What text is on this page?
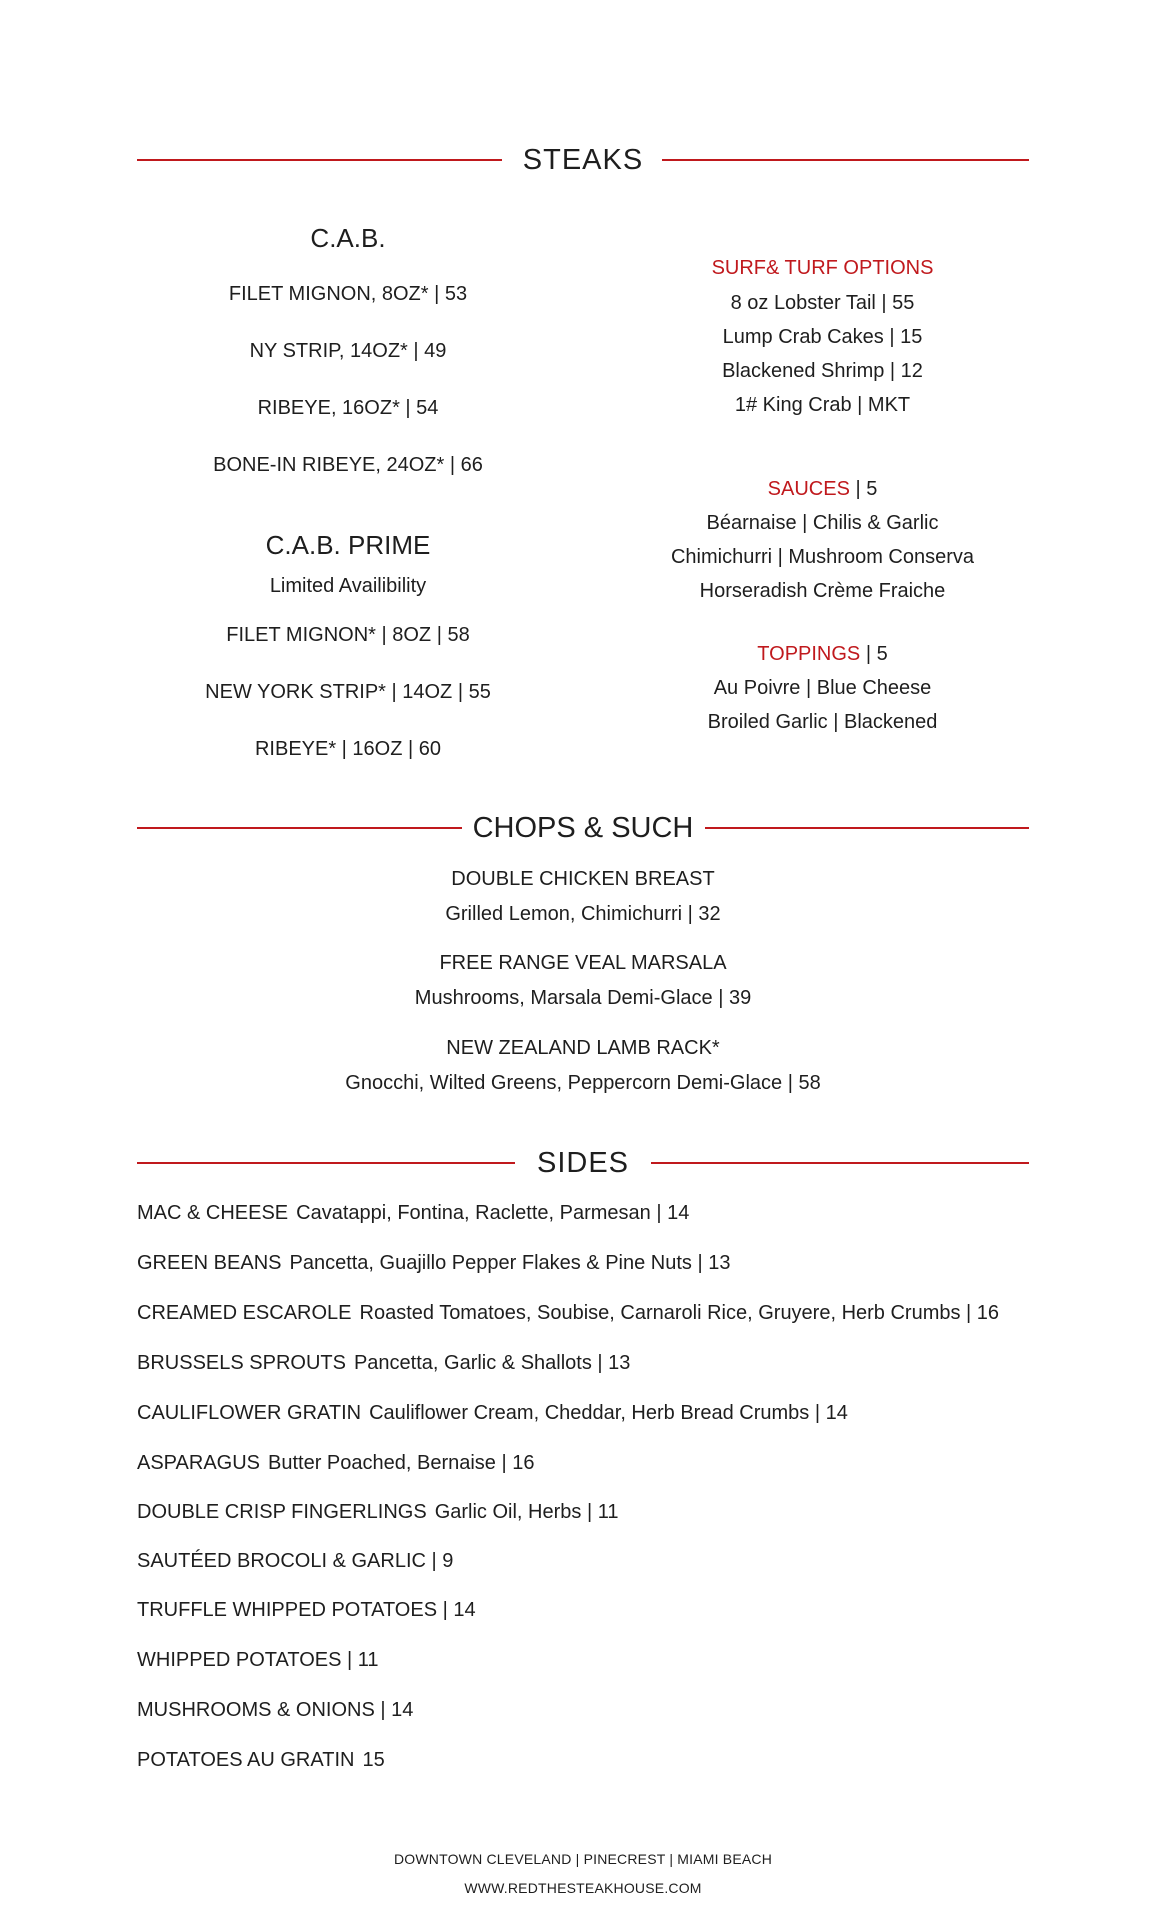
STEAKS
C.A.B.
FILET MIGNON, 8OZ* | 53
NY STRIP, 14OZ* | 49
RIBEYE, 16OZ* | 54
BONE-IN RIBEYE, 24OZ* | 66
C.A.B. PRIME
Limited Availibility
FILET MIGNON* | 8OZ | 58
NEW YORK STRIP* | 14OZ | 55
RIBEYE* | 16OZ | 60
SURF& TURF OPTIONS
8 oz Lobster Tail | 55
Lump Crab Cakes | 15
Blackened Shrimp | 12
1# King Crab | MKT
SAUCES | 5
Béarnaise | Chilis & Garlic
Chimichurri | Mushroom Conserva
Horseradish Crème Fraiche
TOPPINGS | 5
Au Poivre | Blue Cheese
Broiled Garlic | Blackened
CHOPS & SUCH
DOUBLE CHICKEN BREAST
Grilled Lemon, Chimichurri | 32
FREE RANGE VEAL MARSALA
Mushrooms, Marsala Demi-Glace | 39
NEW ZEALAND LAMB RACK*
Gnocchi, Wilted Greens, Peppercorn Demi-Glace | 58
SIDES
MAC & CHEESE Cavatappi, Fontina, Raclette, Parmesan | 14
GREEN BEANS Pancetta, Guajillo Pepper Flakes & Pine Nuts | 13
CREAMED ESCAROLE Roasted Tomatoes, Soubise, Carnaroli Rice, Gruyere, Herb Crumbs | 16
BRUSSELS SPROUTS Pancetta, Garlic & Shallots | 13
CAULIFLOWER GRATIN Cauliflower Cream, Cheddar, Herb Bread Crumbs | 14
ASPARAGUS Butter Poached, Bernaise | 16
DOUBLE CRISP FINGERLINGS Garlic Oil, Herbs | 11
SAUTÉED BROCOLI & GARLIC | 9
TRUFFLE WHIPPED POTATOES | 14
WHIPPED POTATOES | 11
MUSHROOMS & ONIONS | 14
POTATOES AU GRATIN 15
DOWNTOWN CLEVELAND | PINECREST | MIAMI BEACH
WWW.REDTHESTEAKHOUSE.COM
